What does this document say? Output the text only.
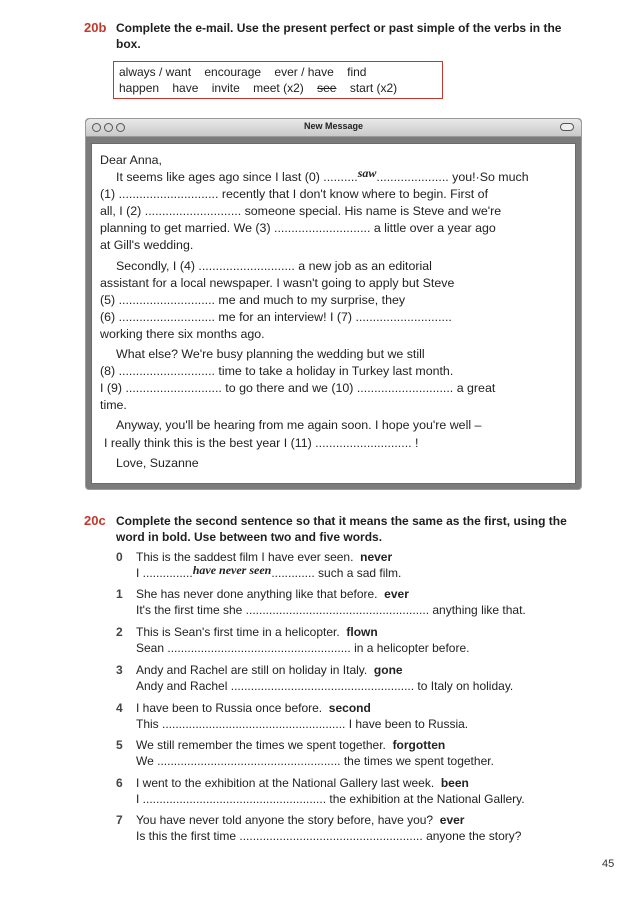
20b Complete the e-mail. Use the present perfect or past simple of the verbs in the
box.
always / want    encourage    ever / have    find
happen    have    invite    meet (x2) see start (x2)
New Message

Dear Anna,

It seems like ages ago since I last (0) ..........saw..................... you!·So much

(1) ............................. recently that I don't know where to begin. First of

all, I (2) ............................ someone special. His name is Steve and we're

planning to get married. We (3) ............................ a little over a year ago

at Gill's wedding.

Secondly, I (4) ............................ a new job as an editorial

assistant for a local newspaper. I wasn't going to apply but Steve

(5) ............................ me and much to my surprise, they

(6) ............................ me for an interview! I (7) ............................

working there six months ago.

What else? We're busy planning the wedding but we still

(8) ............................ time to take a holiday in Turkey last month.

I (9) ............................ to go there and we (10) ............................ a great

time.

Anyway, you'll be hearing from me again soon. I hope you're well –

I really think this is the best year I (11) ............................ !

Love, Suzanne

20c Complete the second sentence so that it means the same as the first, using the
word in bold. Use between two and five words.
0 This is the saddest film I have ever seen. never
I ...............have never seen............. such a sad film.
1 She has never done anything like that before. ever
It's the first time she ....................................................... anything like that.
2 This is Sean's first time in a helicopter. flown
Sean ....................................................... in a helicopter before.
3 Andy and Rachel are still on holiday in Italy. gone
Andy and Rachel ....................................................... to Italy on holiday.
4 I have been to Russia once before. second
This ....................................................... I have been to Russia.
5 We still remember the times we spent together. forgotten
We ....................................................... the times we spent together.
6 I went to the exhibition at the National Gallery last week. been
I ....................................................... the exhibition at the National Gallery.
7 You have never told anyone the story before, have you? ever
Is this the first time ....................................................... anyone the story?
45
